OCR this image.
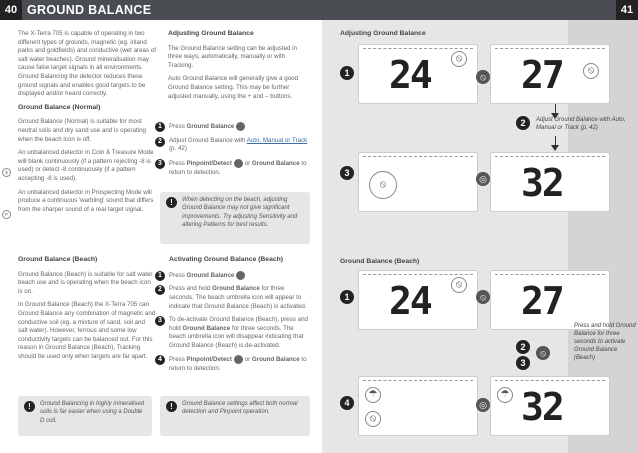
40 GROUND BALANCE	41

The X-Terra 705 is capable of operating in two different types of grounds, magnetic (eg. inland parks and goldfields) and conductive (wet areas of salt water beaches). Ground mineralisation may cause false target signals in all environments. Ground Balancing the detector reduces these ground signals and enables good targets to be displayed and/or heard correctly.

Ground Balance (Normal)

Ground Balance (Normal) is suitable for most neutral soils and dry sand use and is operating when the beach icon is off.

An unbalanced detector in Coin & Treasure Mode will blank continuously (if a pattern rejecting -8 is used) or detect -8 continuously (if a pattern accepting -8 is used).

An unbalanced detector in Prospecting Mode will produce a continuous 'warbling' sound that differs from the sharper sound of a real target signal.

$
P
Ground Balance (Beach)

Ground Balance (Beach) is suitable for salt water beach use and is operating when the beach icon is on.

In Ground Balance (Beach) the X-Terra 705 can Ground Balance any combination of magnetic and conductive soil (eg. a mixture of sand, soil and salt water). However, ferrous and some low conductivity targets can be balanced out. For this reason in Ground Balance (Beach), Tracking should be used only when targets are far apart.

!	Ground Balancing in highly mineralised soils is far easier when using a Double D coil.
Adjusting Ground Balance

The Ground Balance setting can be adjusted in three ways; automatically, manually or with Tracking.

Auto Ground Balance will generally give a good Ground Balance setting. This may be further adjusted manually, using the + and – buttons.

1	Press Ground Balance
2	Adjust Ground Balance with Auto, Manual or Track (p. 42)
3	Press Pinpoint/Detect or Ground Balance to return to detection.
!	When detecting on the beach, adjusting Ground Balance may not give significant improvements. Try adjusting Sensitivity and altering Patterns for best results.
Activating Ground Balance (Beach)
1	Press Ground Balance
2	Press and hold Ground Balance for three seconds. The beach umbrella icon will appear to indicate that Ground Balance (Beach) is activated.
3	To de-activate Ground Balance (Beach), press and hold Ground Balance for three seconds. The beach umbrella icon will disappear indicating that Ground Balance (Beach) is de-activated.
4	Press Pinpoint/Detect or Ground Balance to return to detection.
!	Ground Balance settings affect both normal detection and Pinpoint operation.
Adjusting Ground Balance
1 24	⦸ 27	⦸
⦸
2	Adjust Ground Balance with Auto, Manual or Track (p. 42)
3
⦸	32
◎
Ground Balance (Beach)
1 24	⦸ 27
⦸
2
3
⦸
Press and hold Ground Balance for three seconds to activate Ground Balance (Beach)
4
☂
⦸
☂ 32
◎
